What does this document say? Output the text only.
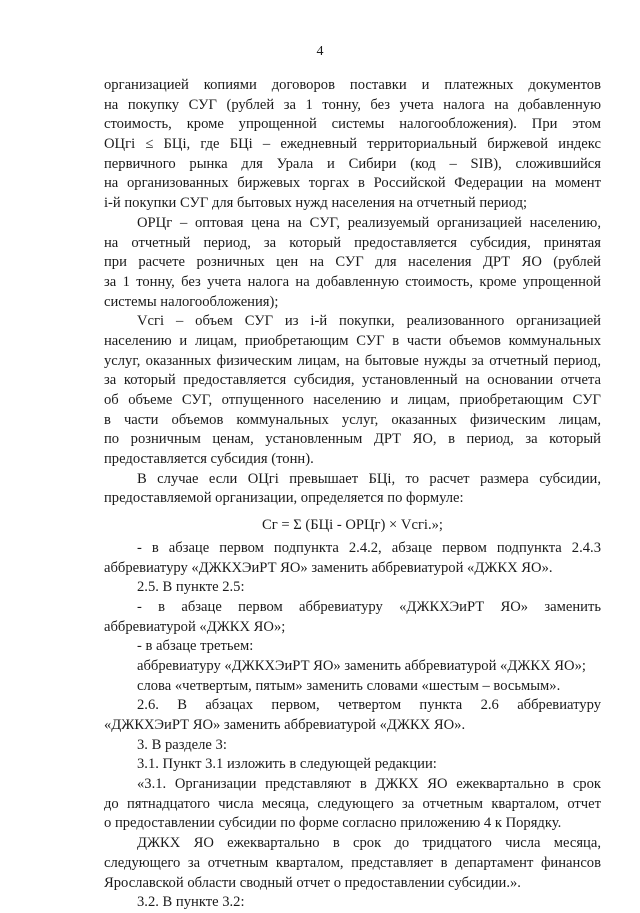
4
организацией копиями договоров поставки и платежных документов
на покупку СУГ (рублей за 1 тонну, без учета налога на добавленную
стоимость, кроме упрощенной системы налогообложения). При этом
ОЦгi ≤ БЦi, где БЦi – ежедневный территориальный биржевой индекс
первичного рынка для Урала и Сибири (код – SIB), сложившийся
на организованных биржевых торгах в Российской Федерации на момент
i-й покупки СУГ для бытовых нужд населения на отчетный период;
ОРЦг – оптовая цена на СУГ, реализуемый организацией населению,
на отчетный период, за который предоставляется субсидия, принятая
при расчете розничных цен на СУГ для населения ДРТ ЯО (рублей
за 1 тонну, без учета налога на добавленную стоимость, кроме упрощенной
системы налогообложения);
Vсгi – объем СУГ из i-й покупки, реализованного организацией
населению и лицам, приобретающим СУГ в части объемов коммунальных
услуг, оказанных физическим лицам, на бытовые нужды за отчетный период,
за который предоставляется субсидия, установленный на основании отчета
об объеме СУГ, отпущенного населению и лицам, приобретающим СУГ
в части объемов коммунальных услуг, оказанных физическим лицам,
по розничным ценам, установленным ДРТ ЯО, в период, за который
предоставляется субсидия (тонн).
В случае если ОЦгi превышает БЦi, то расчет размера субсидии,
предоставляемой организации, определяется по формуле:
Сг = Σ (БЦi - ОРЦг) × Vсгi.»;
- в абзаце первом подпункта 2.4.2, абзаце первом подпункта 2.4.3
аббревиатуру «ДЖКХЭиРТ ЯО» заменить аббревиатурой «ДЖКХ ЯО».
2.5. В пункте 2.5:
- в абзаце первом аббревиатуру «ДЖКХЭиРТ ЯО» заменить
аббревиатурой «ДЖКХ ЯО»;
- в абзаце третьем:
аббревиатуру «ДЖКХЭиРТ ЯО» заменить аббревиатурой «ДЖКХ ЯО»;
слова «четвертым, пятым» заменить словами «шестым – восьмым».
2.6. В абзацах первом, четвертом пункта 2.6 аббревиатуру
«ДЖКХЭиРТ ЯО» заменить аббревиатурой «ДЖКХ ЯО».
3. В разделе 3:
3.1. Пункт 3.1 изложить в следующей редакции:
«3.1. Организации представляют в ДЖКХ ЯО ежеквартально в срок
до пятнадцатого числа месяца, следующего за отчетным кварталом, отчет
о предоставлении субсидии по форме согласно приложению 4 к Порядку.
ДЖКХ ЯО ежеквартально в срок до тридцатого числа месяца,
следующего за отчетным кварталом, представляет в департамент финансов
Ярославской области сводный отчет о предоставлении субсидии.».
3.2. В пункте 3.2:
